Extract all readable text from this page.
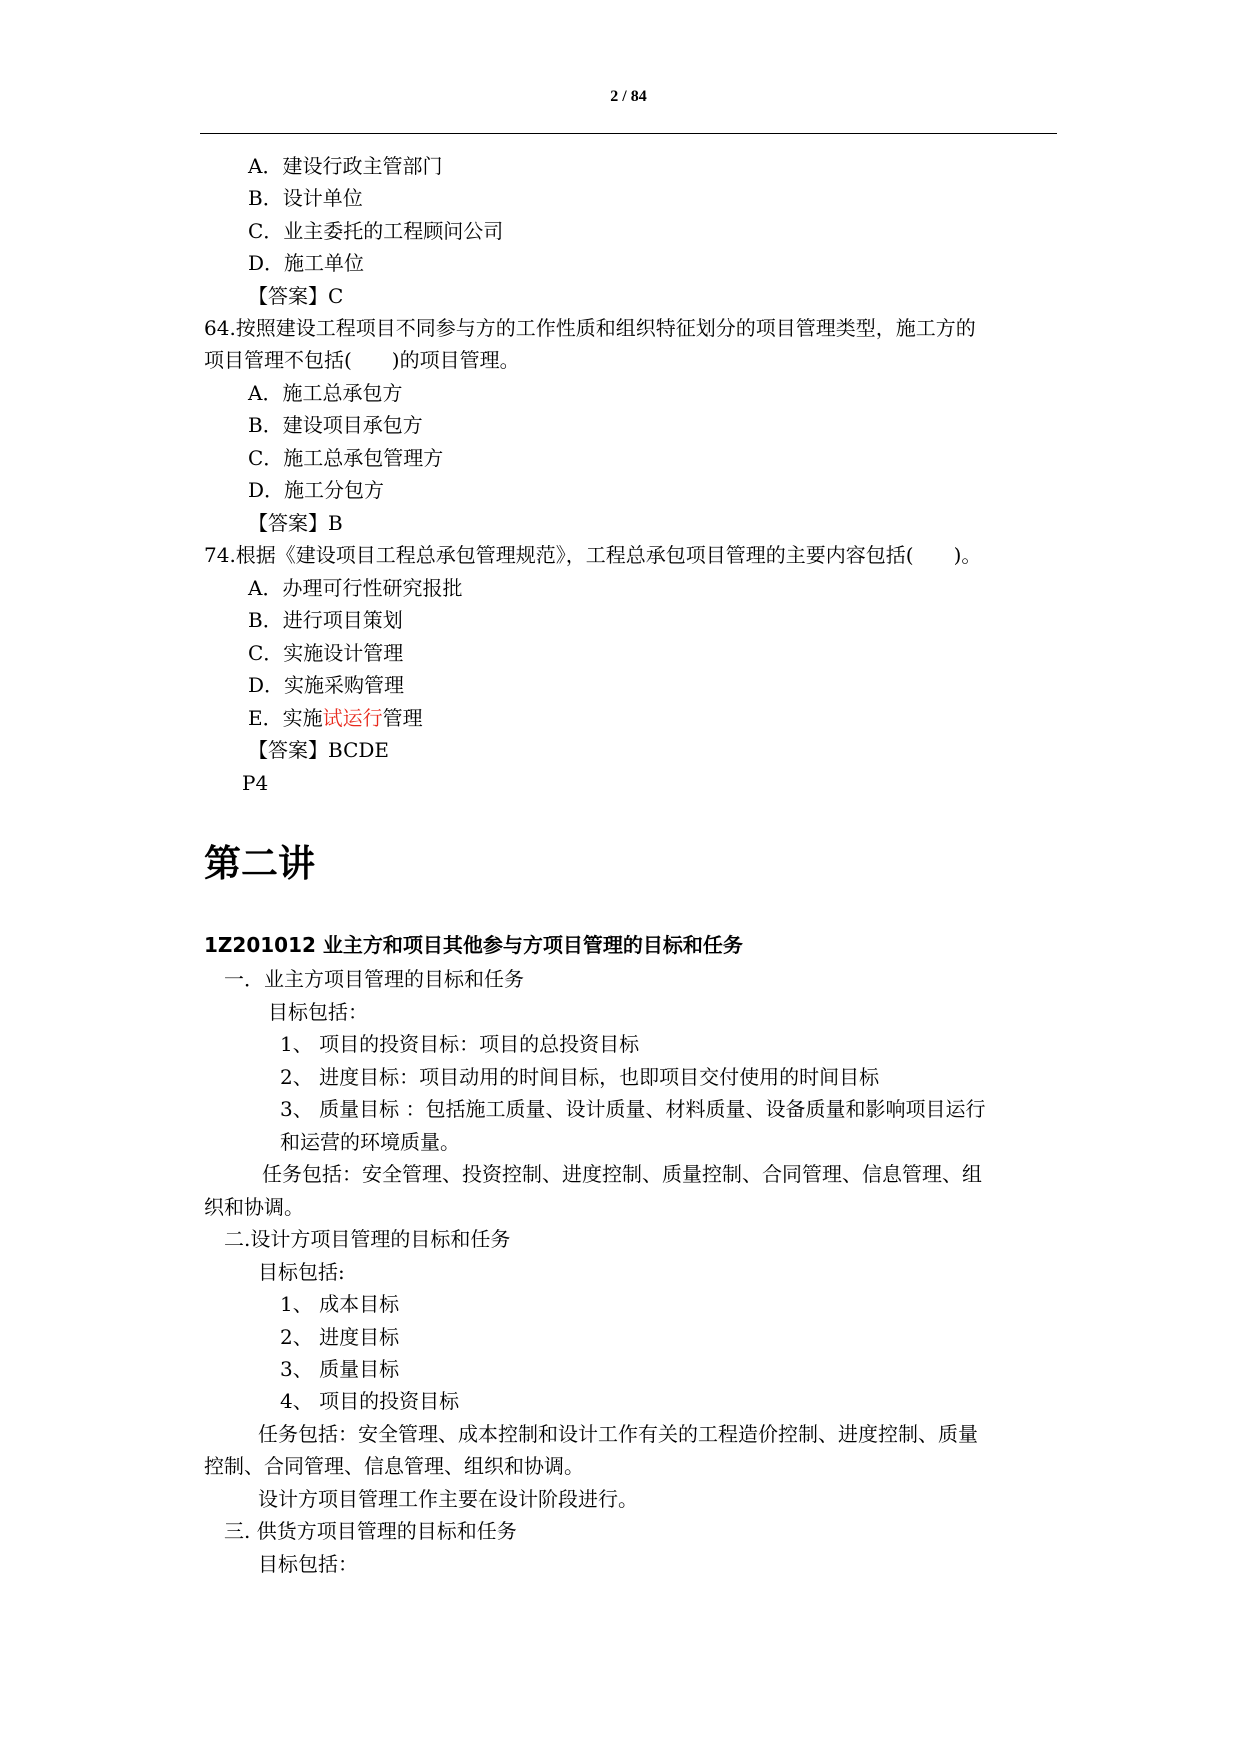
2 / 84
A．建设行政主管部门
B．设计单位
C．业主委托的工程顾问公司
D．施工单位
【答案】C
64.按照建设工程项目不同参与方的工作性质和组织特征划分的项目管理类型，施工方的
项目管理不包括(　　)的项目管理。
A．施工总承包方
B．建设项目承包方
C．施工总承包管理方
D．施工分包方
【答案】B
74.根据《建设项目工程总承包管理规范》，工程总承包项目管理的主要内容包括(　　)。
A．办理可行性研究报批
B．进行项目策划
C．实施设计管理
D．实施采购管理
E．实施试运行管理
【答案】BCDE
P4
第二讲
1Z201012 业主方和项目其他参与方项目管理的目标和任务
一．业主方项目管理的目标和任务
目标包括：
1、 项目的投资目标：项目的总投资目标
2、 进度目标：项目动用的时间目标，也即项目交付使用的时间目标
3、 质量目标 ：包括施工质量、设计质量、材料质量、设备质量和影响项目运行
和运营的环境质量。
任务包括：安全管理、投资控制、进度控制、质量控制、合同管理、信息管理、组
织和协调。
二.设计方项目管理的目标和任务
目标包括:
1、 成本目标
2、 进度目标
3、 质量目标
4、 项目的投资目标
任务包括：安全管理、成本控制和设计工作有关的工程造价控制、进度控制、质量
控制、合同管理、信息管理、组织和协调。
设计方项目管理工作主要在设计阶段进行。
三. 供货方项目管理的目标和任务
目标包括：
